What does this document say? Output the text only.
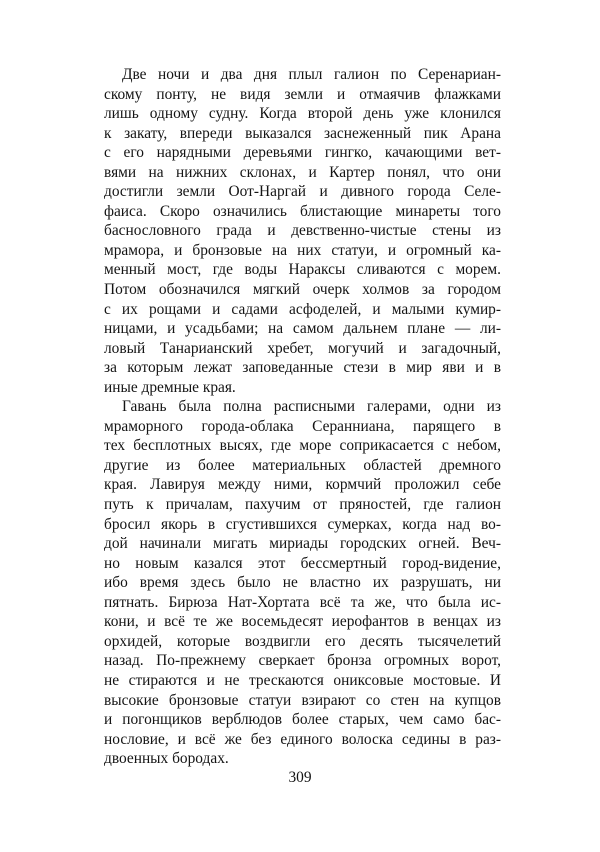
Две ночи и два дня плыл галион по Серенариан-
скому понту, не видя земли и отмаячив флажками
лишь одному судну. Когда второй день уже клонился
к закату, впереди выказался заснеженный пик Арана
с его нарядными деревьями гингко, качающими вет-
вями на нижних склонах, и Картер понял, что они
достигли земли Оот-Наргай и дивного города Селе-
фаиса. Скоро означились блистающие минареты того
баснословного града и девственно-чистые стены из
мрамора, и бронзовые на них статуи, и огромный ка-
менный мост, где воды Нараксы сливаются с морем.
Потом обозначился мягкий очерк холмов за городом
с их рощами и садами асфоделей, и малыми кумир-
ницами, и усадьбами; на самом дальнем плане — ли-
ловый Танарианский хребет, могучий и загадочный,
за которым лежат заповеданные стези в мир яви и в
иные дремные края.
Гавань была полна расписными галерами, одни из
мраморного города-облака Серанниана, парящего в
тех бесплотных высях, где море соприкасается с небом,
другие из более материальных областей дремного
края. Лавируя между ними, кормчий проложил себе
путь к причалам, пахучим от пряностей, где галион
бросил якорь в сгустившихся сумерках, когда над во-
дой начинали мигать мириады городских огней. Веч-
но новым казался этот бессмертный город-видение,
ибо время здесь было не властно их разрушать, ни
пятнать. Бирюза Нат-Хортата всё та же, что была ис-
кони, и всё те же восемьдесят иерофантов в венцах из
орхидей, которые воздвигли его десять тысячелетий
назад. По-прежнему сверкает бронза огромных ворот,
не стираются и не трескаются ониксовые мостовые. И
высокие бронзовые статуи взирают со стен на купцов
и погонщиков верблюдов более старых, чем само бас-
нословие, и всё же без единого волоска седины в раз-
двоенных бородах.
309
